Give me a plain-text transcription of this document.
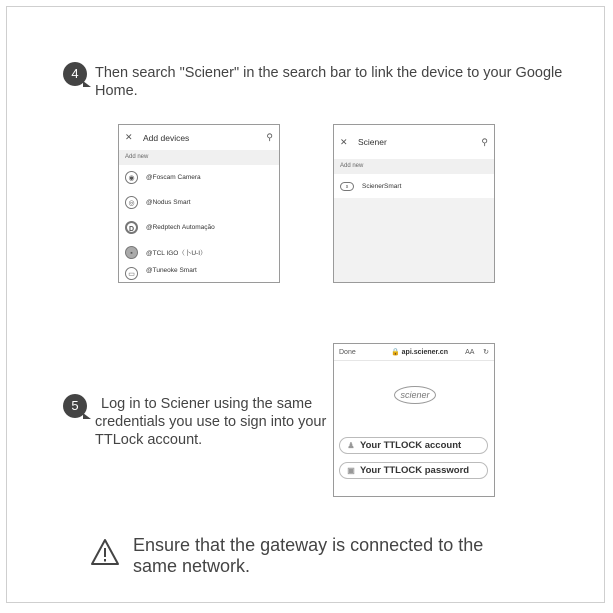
4	Then search "Sciener" in the search bar to link the device to your Google Home.
✕	Add devices	⚲
Add new
◉	@Foscam Camera
◎	@Nodus Smart
D	@Redptech Automação
▪	@TCL IGO（卜U-I）
▭
@Tuneoke Smart
✕	Sciener	⚲
Add new
s	ScienerSmart
5	Log in to Sciener using the same credentials you use to sign into your TTLock account.
Done	🔒 api.sciener.cn	AA	↻
sciener
♟ Your TTLOCK account
▣ Your TTLOCK password
Ensure that the gateway is connected to the same network.
